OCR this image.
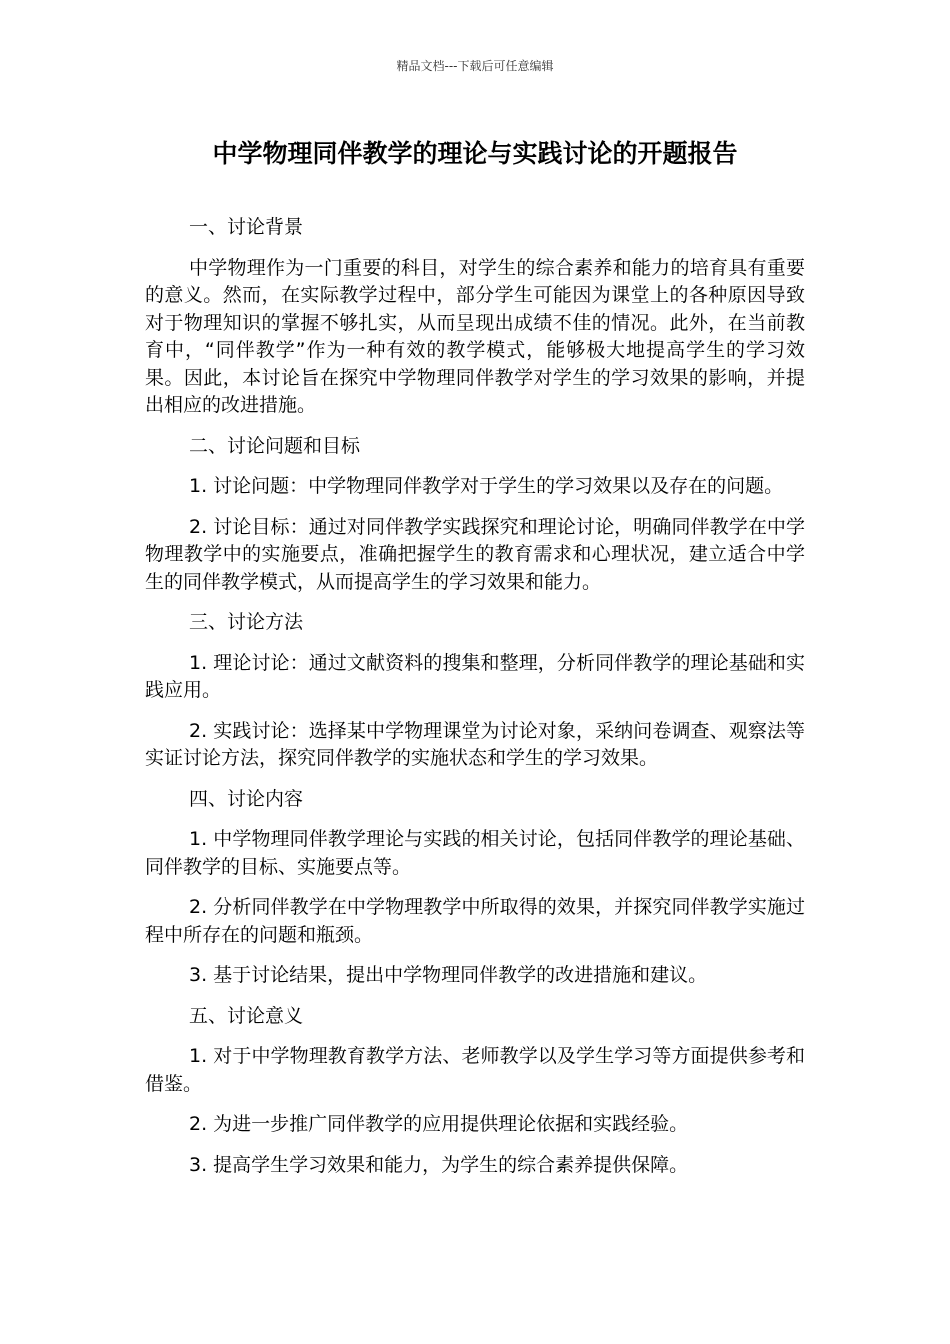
精品文档---下载后可任意编辑
中学物理同伴教学的理论与实践讨论的开题报告

一、讨论背景

中学物理作为一门重要的科目，对学生的综合素养和能力的培育具有重要的意义。然而，在实际教学过程中，部分学生可能因为课堂上的各种原因导致对于物理知识的掌握不够扎实，从而呈现出成绩不佳的情况。此外，在当前教育中，“同伴教学”作为一种有效的教学模式，能够极大地提高学生的学习效果。因此，本讨论旨在探究中学物理同伴教学对学生的学习效果的影响，并提出相应的改进措施。

二、讨论问题和目标

1. 讨论问题：中学物理同伴教学对于学生的学习效果以及存在的问题。

2. 讨论目标：通过对同伴教学实践探究和理论讨论，明确同伴教学在中学物理教学中的实施要点，准确把握学生的教育需求和心理状况，建立适合中学生的同伴教学模式，从而提高学生的学习效果和能力。

三、讨论方法

1. 理论讨论：通过文献资料的搜集和整理，分析同伴教学的理论基础和实践应用。

2. 实践讨论：选择某中学物理课堂为讨论对象，采纳问卷调查、观察法等实证讨论方法，探究同伴教学的实施状态和学生的学习效果。

四、讨论内容

1. 中学物理同伴教学理论与实践的相关讨论，包括同伴教学的理论基础、同伴教学的目标、实施要点等。

2. 分析同伴教学在中学物理教学中所取得的效果，并探究同伴教学实施过程中所存在的问题和瓶颈。

3. 基于讨论结果，提出中学物理同伴教学的改进措施和建议。

五、讨论意义

1. 对于中学物理教育教学方法、老师教学以及学生学习等方面提供参考和借鉴。

2. 为进一步推广同伴教学的应用提供理论依据和实践经验。

3. 提高学生学习效果和能力，为学生的综合素养提供保障。
